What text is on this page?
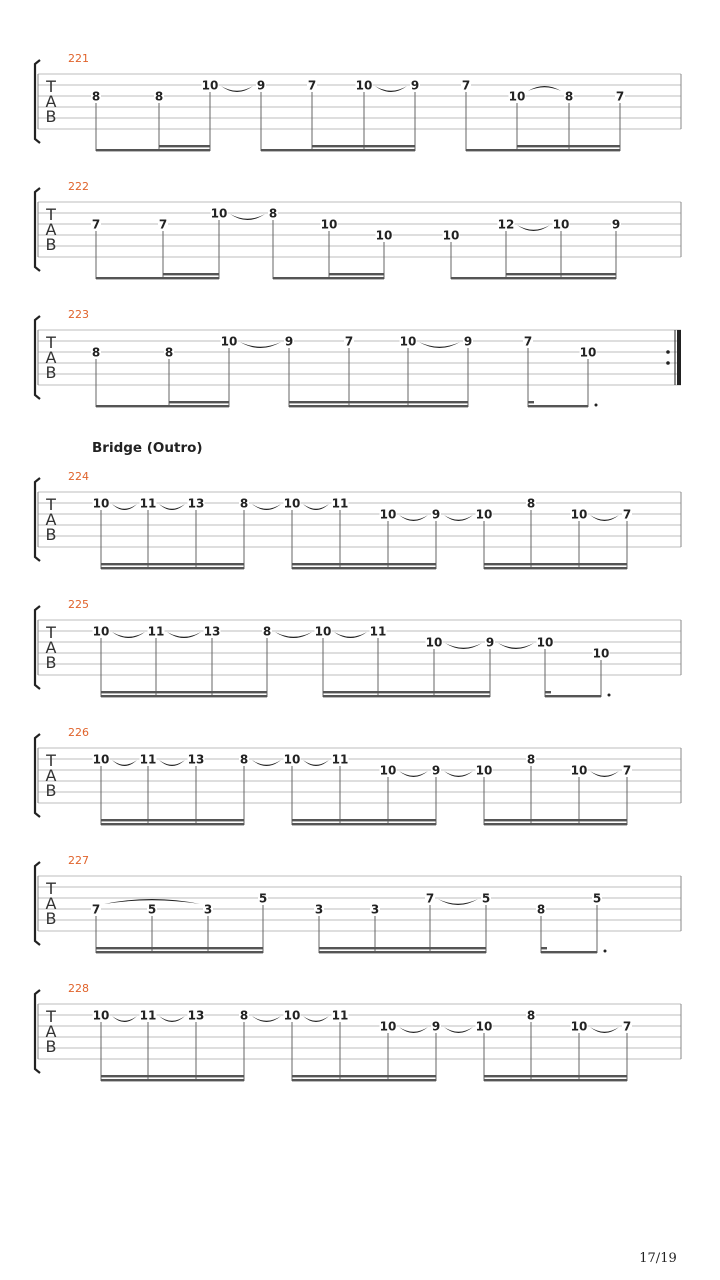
Bridge (Outro)
17/19
221
T
A
B
8	8
10	9	7	10	9	7
10	8	7
222
T
A
B
7	7
10	8
10
10	10
12	10	9
223
T
A
B
8	8
10	9	7	10	9	7
10
224
T
A
B
10	11	13	8	10	11
10	9	10
8
10	7
225
T
A
B
10	11	13	8	10	11
10	9	10
10
226
T
A
B
10	11	13	8	10	11
10	9	10
8
10	7
227
T
A
B	7	5	3
5
3	3
7	5
8
5
228
T
A
B
10	11	13	8	10	11
10	9	10
8
10	7
